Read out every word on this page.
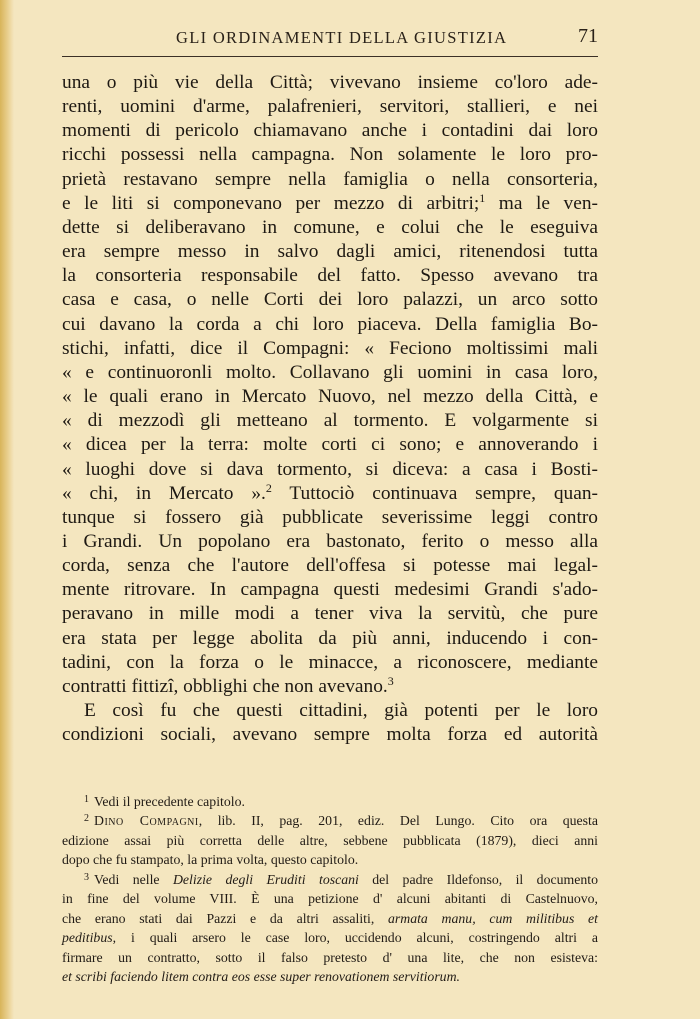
GLI ORDINAMENTI DELLA GIUSTIZIA	71
una o più vie della Città; vivevano insieme co'loro ade-
renti, uomini d'arme, palafrenieri, servitori, stallieri, e nei
momenti di pericolo chiamavano anche i contadini dai loro
ricchi possessi nella campagna. Non solamente le loro pro-
prietà restavano sempre nella famiglia o nella consorteria,
e le liti si componevano per mezzo di arbitri;$^1$ ma le ven-
dette si deliberavano in comune, e colui che le eseguiva
era sempre messo in salvo dagli amici, ritenendosi tutta
la consorteria responsabile del fatto. Spesso avevano tra
casa e casa, o nelle Corti dei loro palazzi, un arco sotto
cui davano la corda a chi loro piaceva. Della famiglia Bo-
stichi, infatti, dice il Compagni: « Feciono moltissimi mali
« e continuoronli molto. Collavano gli uomini in casa loro,
« le quali erano in Mercato Nuovo, nel mezzo della Città, e
« di mezzodì gli metteano al tormento. E volgarmente si
« dicea per la terra: molte corti ci sono; e annoverando i
« luoghi dove si dava tormento, si diceva: a casa i Bosti-
« chi, in Mercato ».$^2$ Tuttociò continuava sempre, quan-
tunque si fossero già pubblicate severissime leggi contro
i Grandi. Un popolano era bastonato, ferito o messo alla
corda, senza che l'autore dell'offesa si potesse mai legal-
mente ritrovare. In campagna questi medesimi Grandi s'ado-
peravano in mille modi a tener viva la servitù, che pure
era stata per legge abolita da più anni, inducendo i con-
tadini, con la forza o le minacce, a riconoscere, mediante
contratti fittizî, obblighi che non avevano.$^3$
E così fu che questi cittadini, già potenti per le loro
condizioni sociali, avevano sempre molta forza ed autorità
$^1$ Vedi il precedente capitolo.
$^2$ Dino Compagni, lib. II, pag. 201, ediz. Del Lungo. Cito ora questa
edizione assai più corretta delle altre, sebbene pubblicata (1879), dieci anni
dopo che fu stampato, la prima volta, questo capitolo.
$^3$ Vedi nelle Delizie degli Eruditi toscani del padre Ildefonso, il documento
in fine del volume VIII. È una petizione d' alcuni abitanti di Castelnuovo,
che erano stati dai Pazzi e da altri assaliti, armata manu, cum militibus et
peditibus, i quali arsero le case loro, uccidendo alcuni, costringendo altri a
firmare un contratto, sotto il falso pretesto d' una lite, che non esisteva:
et scribi faciendo litem contra eos esse super renovationem servitiorum.
